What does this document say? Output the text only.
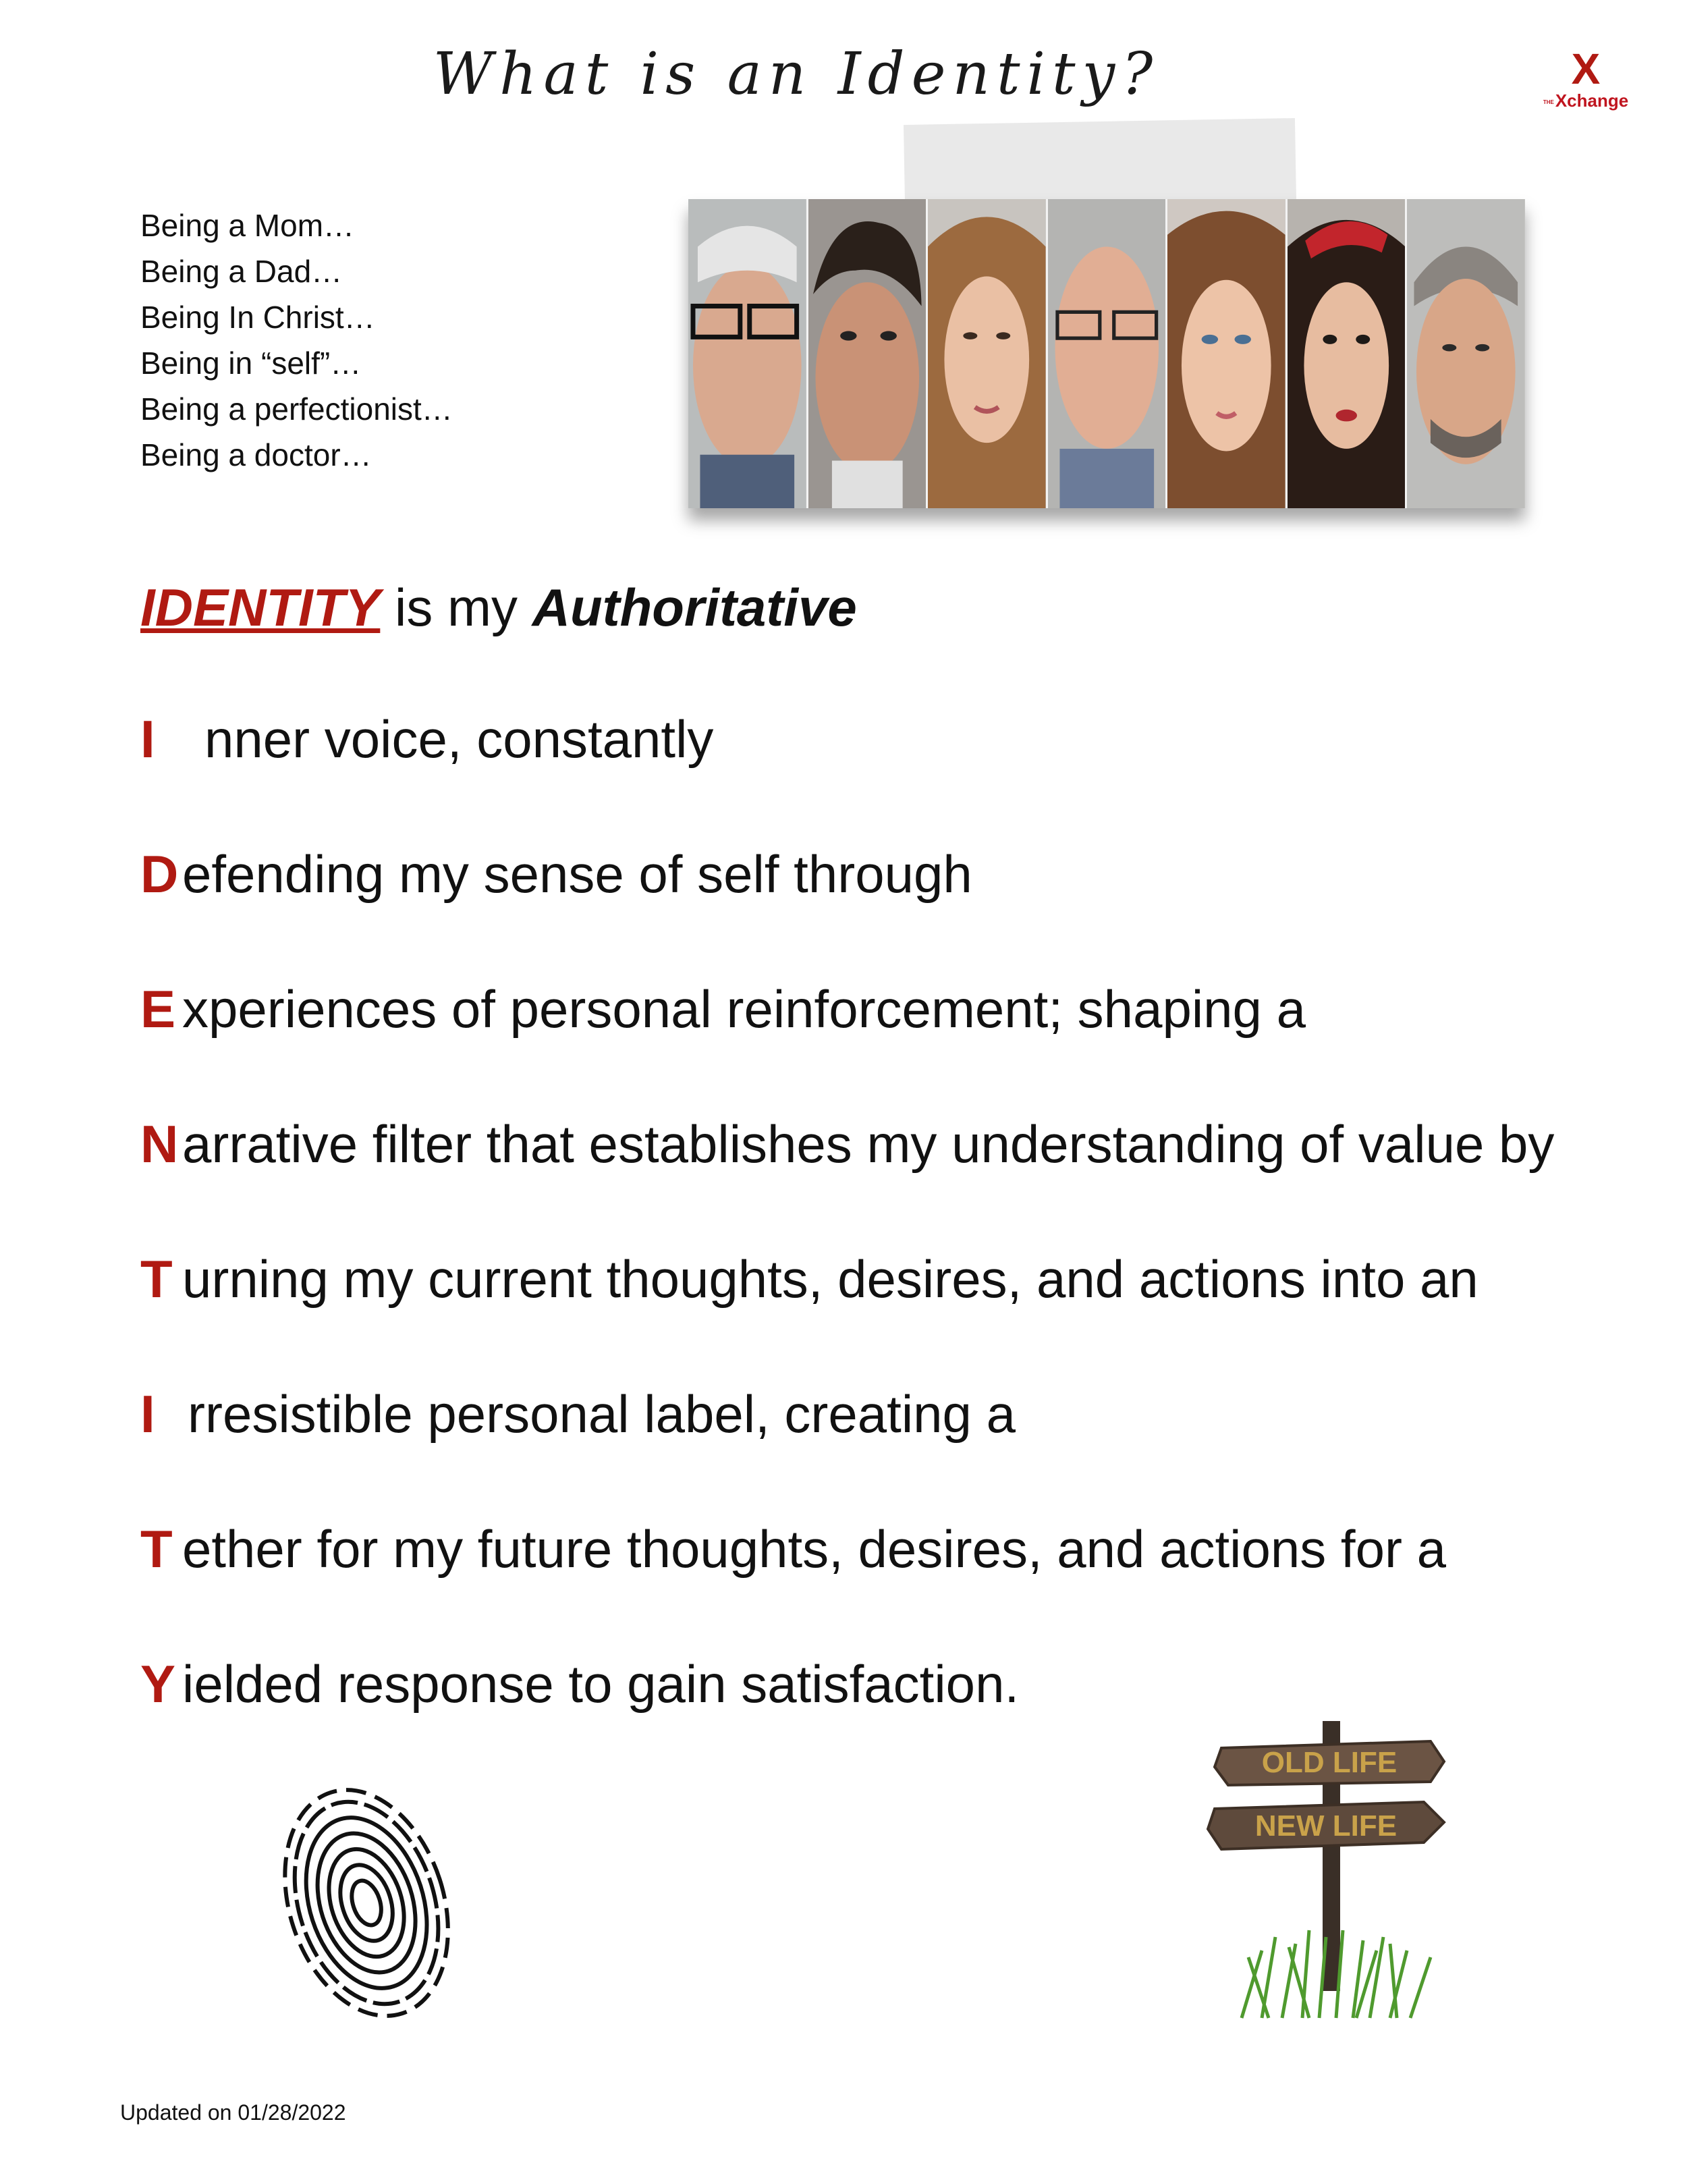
What is an Identity?	X
THEXchange
Being a Mom…
Being a Dad…
Being In Christ…
Being in “self”…
Being a perfectionist…
Being a doctor…
IDENTITY is my Authoritative
I nner voice, constantly
Defending my sense of self through
E xperiences of personal reinforcement; shaping a
Narrative filter that establishes my understanding of value by
T urning my current thoughts, desires, and actions into an
I rresistible personal label, creating a
T ether for my future thoughts, desires, and actions for a
Y ielded response to gain satisfaction.
OLD LIFE
NEW LIFE
Updated on 01/28/2022
